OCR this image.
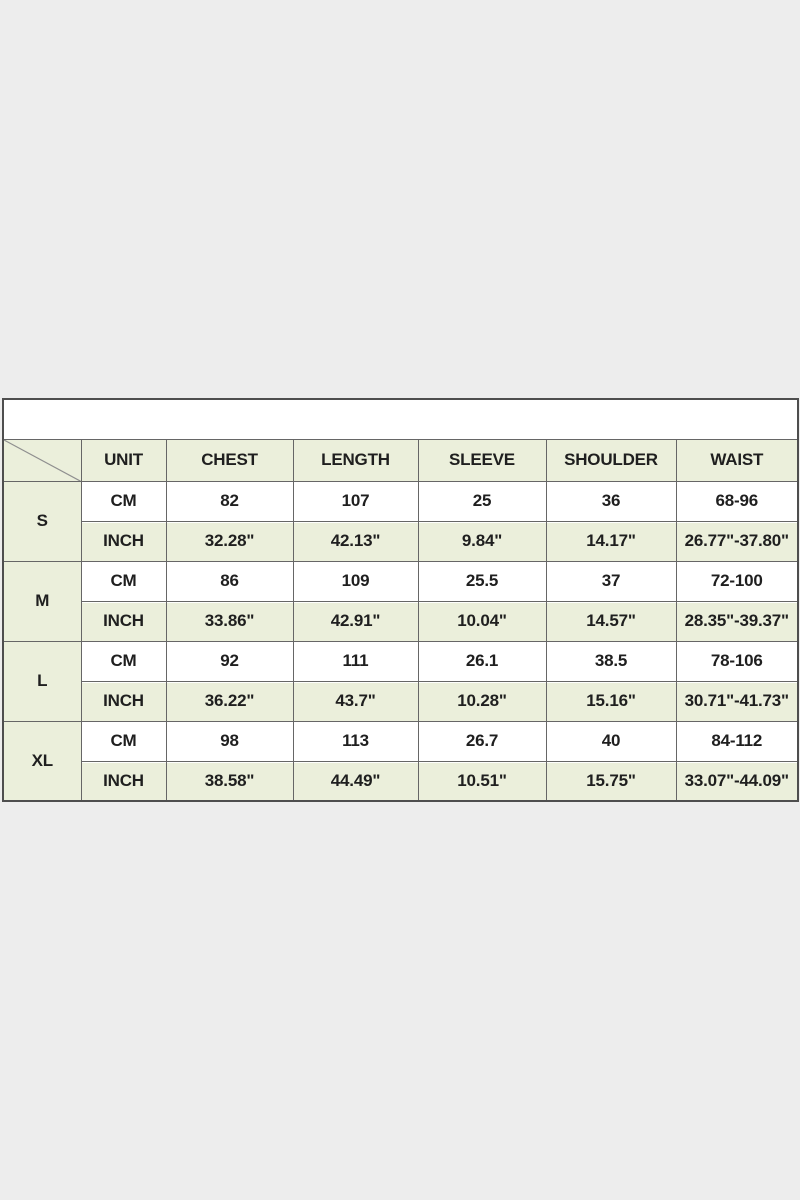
SIZE TABLE						

	UNIT	CHEST	LENGTH	SLEEVE	SHOULDER	WAIST
S	CM	82	107	25	36	68-96
	INCH	32.28"	42.13"	9.84"	14.17"	26.77"-37.80"
M	CM	86	109	25.5	37	72-100
	INCH	33.86"	42.91"	10.04"	14.57"	28.35"-39.37"
L	CM	92	111	26.1	38.5	78-106
	INCH	36.22"	43.7"	10.28"	15.16"	30.71"-41.73"
XL	CM	98	113	26.7	40	84-112
	INCH	38.58"	44.49"	10.51"	15.75"	33.07"-44.09"
